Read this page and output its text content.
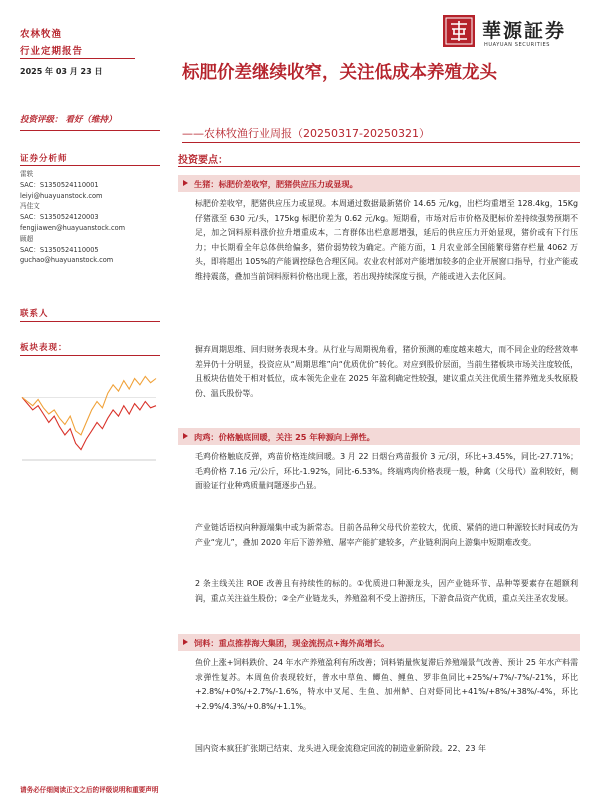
农林牧渔
行业定期报告
華源証券
HUAYUAN SECURITIES
2025 年 03 月 23 日	标肥价差继续收窄，关注低成本养殖龙头
——农林牧渔行业周报（20250317-20250321）
投资评级： 看好（维持）
证券分析师
雷轶
SAC：S1350524110001
leiyi@huayuanstock.com
冯佳文
SAC：S1350524120003
fengjiawen@huayuanstock.com
顾超
SAC：S1350524110005
guchao@huayuanstock.com
联系人
板块表现：
投资要点：
生猪：标肥价差收窄，肥猪供应压力或显现。
标肥价差收窄，肥猪供应压力或显现。本周通过数据最新猪价 14.65 元/kg，出栏均重增至 128.4kg，15Kg 仔猪涨至 630 元/头，175kg 标肥价差为 0.62 元/kg。短期看，市场对后市价格及肥标价差持续强势预期不足，加之饲料原料涨价拉升增重成本，二育群体出栏意愿增强，延后的供应压力开始显现，猪价或有下行压力；中长期看全年总体供给偏多，猪价弱势较为确定。产能方面，1 月农业部全国能繁母猪存栏量 4062 万头，即将超出 105%的产能调控绿色合理区间。农业农村部对产能增加较多的企业开展窗口指导，行业产能或维持震荡，叠加当前饲料原料价格出现上涨，若出现持续深度亏损，产能或进入去化区间。
摒弃周期思维、回归财务表现本身。从行业与周期视角看，猪价预测的难度越来越大，而不同企业的经营效率差异仍十分明显，投资应从“周期思维”向“优质优价”转化。对应到股价层面，当前生猪板块市场关注度较低，且板块估值处于相对低位，成本领先企业在 2025 年盈利确定性较强，建议重点关注优质生猪养殖龙头牧原股份、温氏股份等。
肉鸡：价格触底回暖，关注 25 年种源向上弹性。
毛鸡价格触底反弹，鸡苗价格连续回暖。3 月 22 日烟台鸡苗报价 3 元/羽，环比+3.45%，同比-27.71%；毛鸡价格 7.16 元/公斤，环比-1.92%，同比-6.53%。终端鸡肉价格表现一般，种禽（父母代）盈利较好，侧面验证行业种鸡质量问题逐步凸显。
产业链话语权向种源端集中或为新常态。目前各品种父母代价差较大，优质、紧俏的进口种源较长时间或仍为产业“宠儿”，叠加 2020 年后下游养殖、屠宰产能扩建较多，产业链利润向上游集中短期难改变。
2 条主线关注 ROE 改善且有持续性的标的。①优质进口种源龙头，因产业链环节、品种等要素存在超额利润，重点关注益生股份；②全产业链龙头，养殖盈利不受上游挤压，下游食品资产优质，重点关注圣农发展。
饲料：重点推荐海大集团，现金流拐点+海外高增长。
鱼价上涨+饲料跌价、24 年水产养殖盈利有所改善；饲料销量恢复滞后养殖端景气改善、预计 25 年水产料需求弹性复苏。本周鱼价表现较好，普水中草鱼、鲫鱼、鲤鱼、罗非鱼同比+25%/+7%/-7%/-21%，环比+2.8%/+0%/+2.7%/-1.6%，特水中叉尾、生鱼、加州鲈、白对虾同比+41%/+8%/+38%/-4%，环比+2.9%/4.3%/+0.8%/+1.1%。
国内资本疯狂扩张期已结束、龙头进入现金流稳定回流的制造业新阶段。22、23 年
请务必仔细阅读正文之后的评级说明和重要声明
